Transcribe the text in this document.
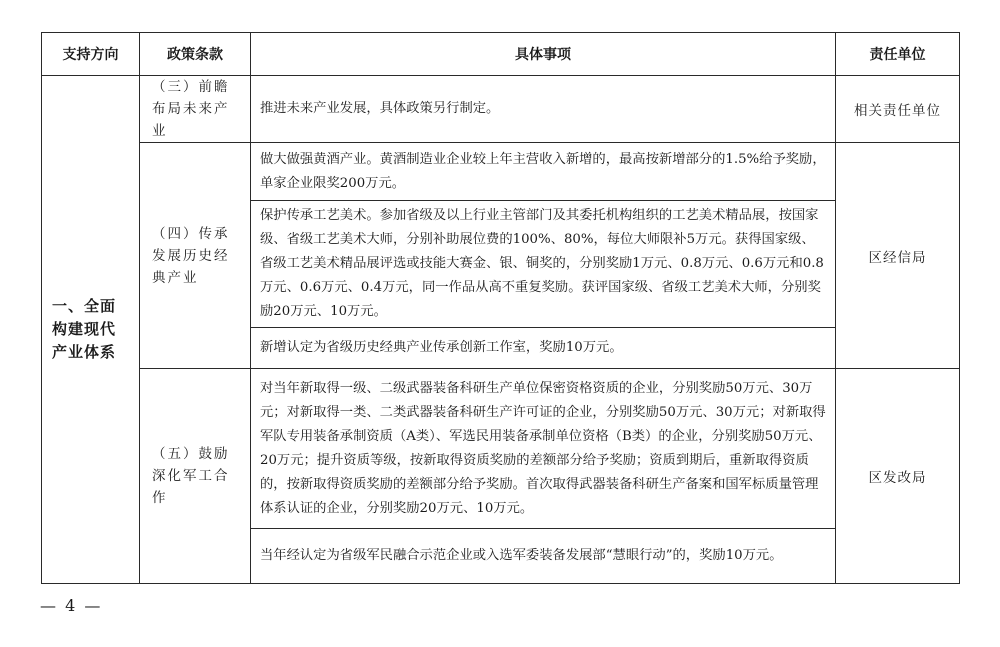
支持方向	政策条款	具体事项	责任单位
一、全面构建现代产业体系	（三）前瞻布局未来产业	推进未来产业发展，具体政策另行制定。	相关责任单位
	（四）传承发展历史经典产业	做大做强黄酒产业。黄酒制造业企业较上年主营收入新增的，最高按新增部分的1.5%给予奖励，单家企业限奖200万元。	区经信局
		保护传承工艺美术。参加省级及以上行业主管部门及其委托机构组织的工艺美术精品展，按国家级、省级工艺美术大师，分别补助展位费的100%、80%，每位大师限补5万元。获得国家级、省级工艺美术精品展评选或技能大赛金、银、铜奖的，分别奖励1万元、0.8万元、0.6万元和0.8万元、0.6万元、0.4万元，同一作品从高不重复奖励。获评国家级、省级工艺美术大师，分别奖励20万元、10万元。	
		新增认定为省级历史经典产业传承创新工作室，奖励10万元。	
	（五）鼓励深化军工合作	对当年新取得一级、二级武器装备科研生产单位保密资格资质的企业，分别奖励50万元、30万元；对新取得一类、二类武器装备科研生产许可证的企业，分别奖励50万元、30万元；对新取得军队专用装备承制资质（A类）、军选民用装备承制单位资格（B类）的企业，分别奖励50万元、20万元；提升资质等级，按新取得资质奖励的差额部分给予奖励；资质到期后，重新取得资质的，按新取得资质奖励的差额部分给予奖励。首次取得武器装备科研生产备案和国军标质量管理体系认证的企业，分别奖励20万元、10万元。	区发改局
		当年经认定为省级军民融合示范企业或入选军委装备发展部“慧眼行动”的，奖励10万元。	
— 4 —
